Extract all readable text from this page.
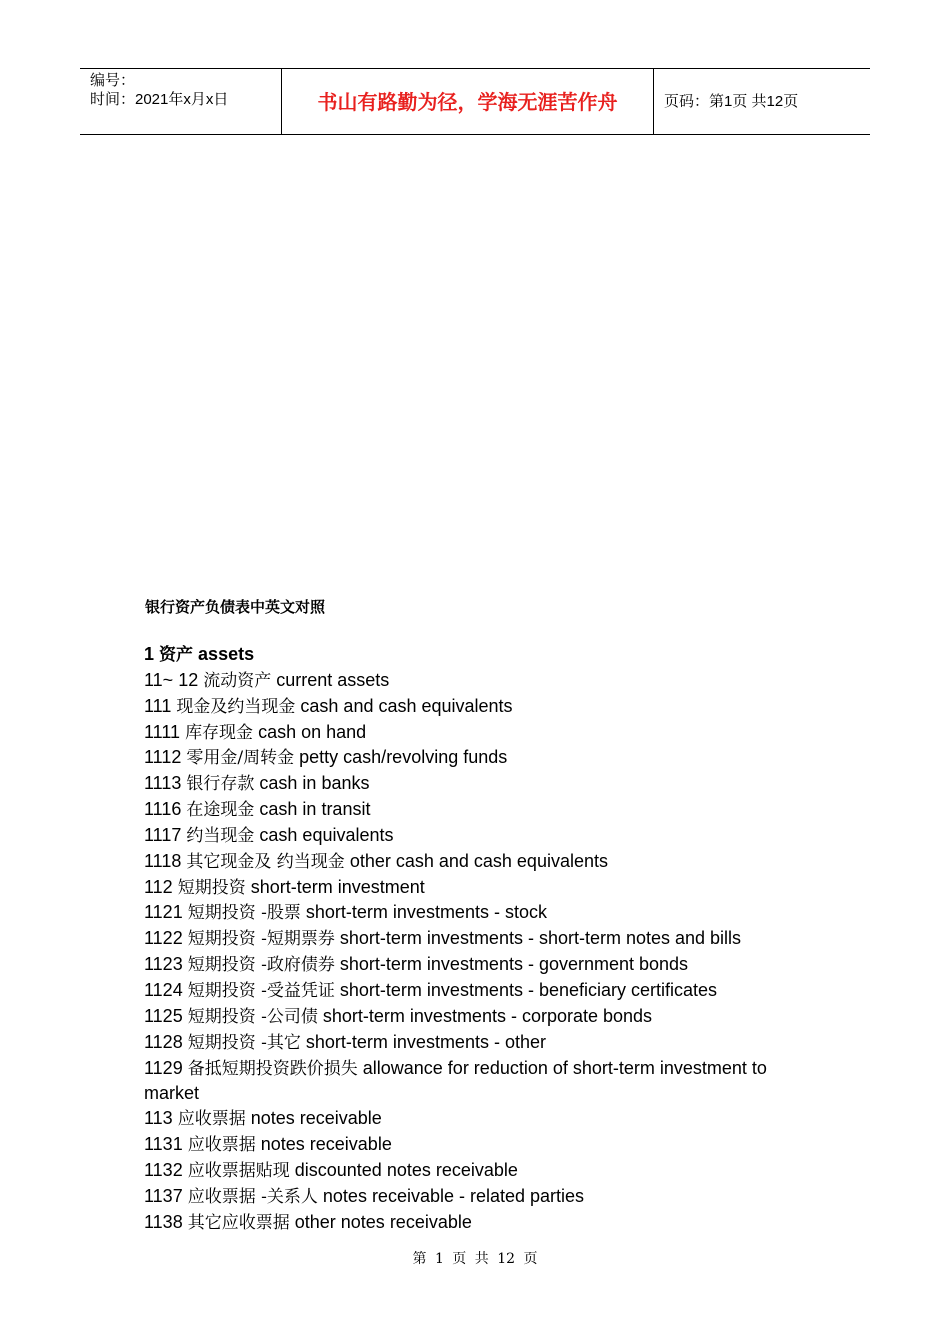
编号：
时间：2021年x月x日	书山有路勤为径，学海无涯苦作舟	页码：第1页 共12页
银行资产负债表中英文对照
1 资产 assets
11~ 12 流动资产 current assets
111 现金及约当现金 cash and cash equivalents
1111 库存现金 cash on hand
1112 零用金/周转金 petty cash/revolving funds
1113 银行存款 cash in banks
1116 在途现金 cash in transit
1117 约当现金 cash equivalents
1118 其它现金及 约当现金 other cash and cash equivalents
112 短期投资 short-term investment
1121 短期投资 -股票 short-term investments - stock
1122 短期投资 -短期票券 short-term investments - short-term notes and bills
1123 短期投资 -政府债券 short-term investments - government bonds
1124 短期投资 -受益凭证 short-term investments - beneficiary certificates
1125 短期投资 -公司债 short-term investments - corporate bonds
1128 短期投资 -其它 short-term investments - other
1129 备抵短期投资跌价损失 allowance for reduction of short-term investment to market
113 应收票据 notes receivable
1131 应收票据 notes receivable
1132 应收票据贴现 discounted notes receivable
1137 应收票据 -关系人 notes receivable - related parties
1138 其它应收票据 other notes receivable
第 1 页 共 12 页
